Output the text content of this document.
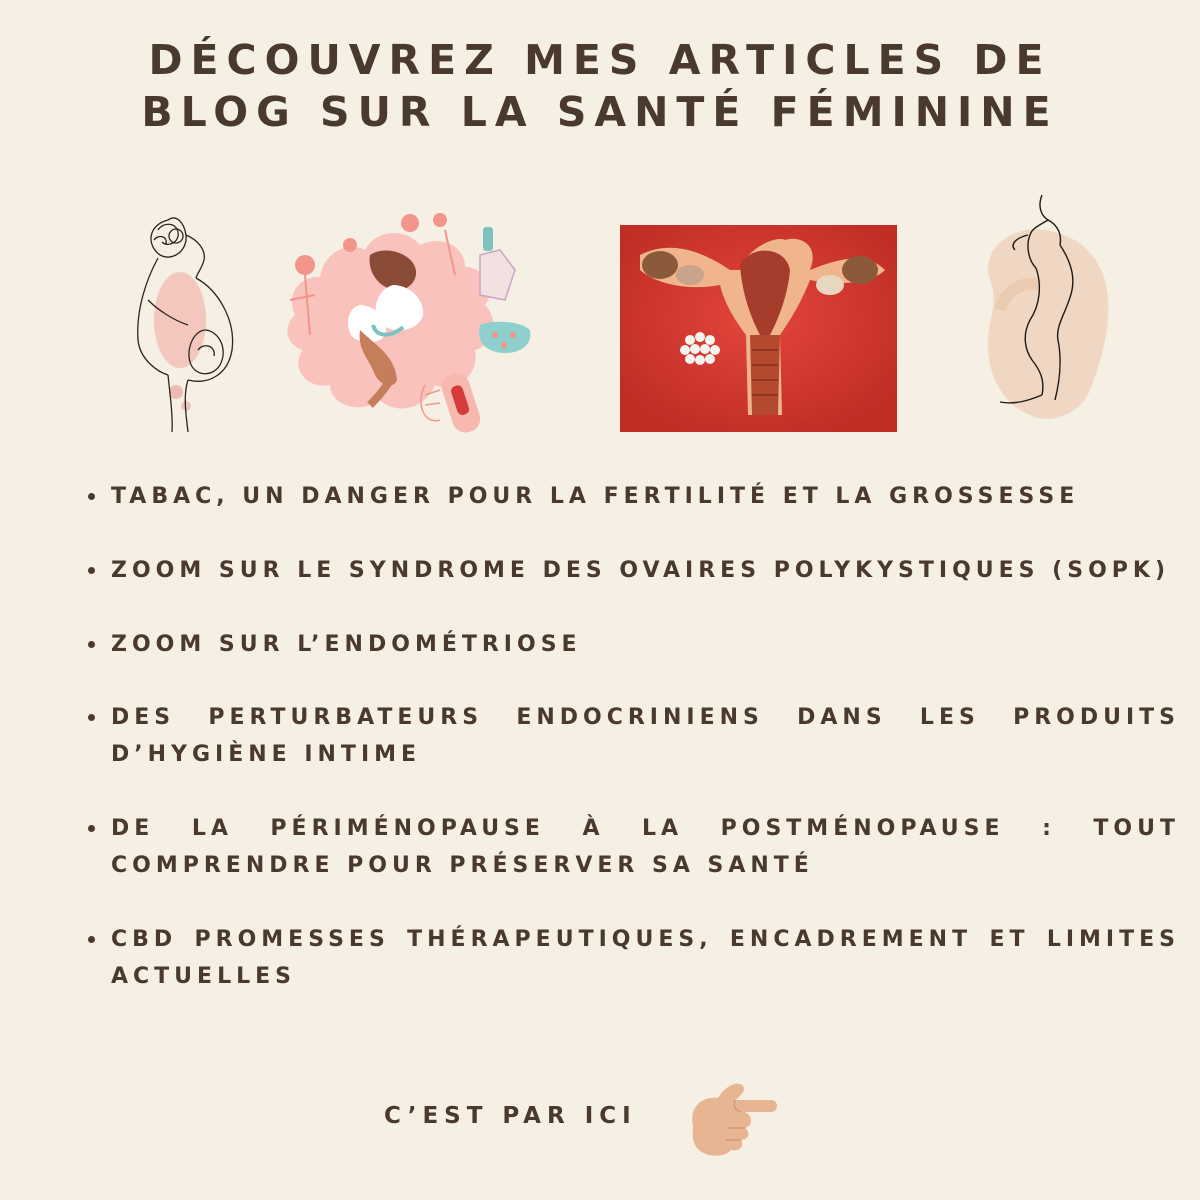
DÉCOUVREZ MES ARTICLES DE
BLOG SUR LA SANTÉ FÉMININE
TABAC, UN DANGER POUR LA FERTILITÉ ET LA GROSSESSE
ZOOM SUR LE SYNDROME DES OVAIRES POLYKYSTIQUES (SOPK)
ZOOM SUR L’ENDOMÉTRIOSE
DES PERTURBATEURS ENDOCRINIENS DANS LES PRODUITS D’HYGIÈNE INTIME
DE LA PÉRIMÉNOPAUSE À LA POSTMÉNOPAUSE : TOUT COMPRENDRE POUR PRÉSERVER SA SANTÉ
CBD PROMESSES THÉRAPEUTIQUES, ENCADREMENT ET LIMITES ACTUELLES
C’EST PAR ICI
